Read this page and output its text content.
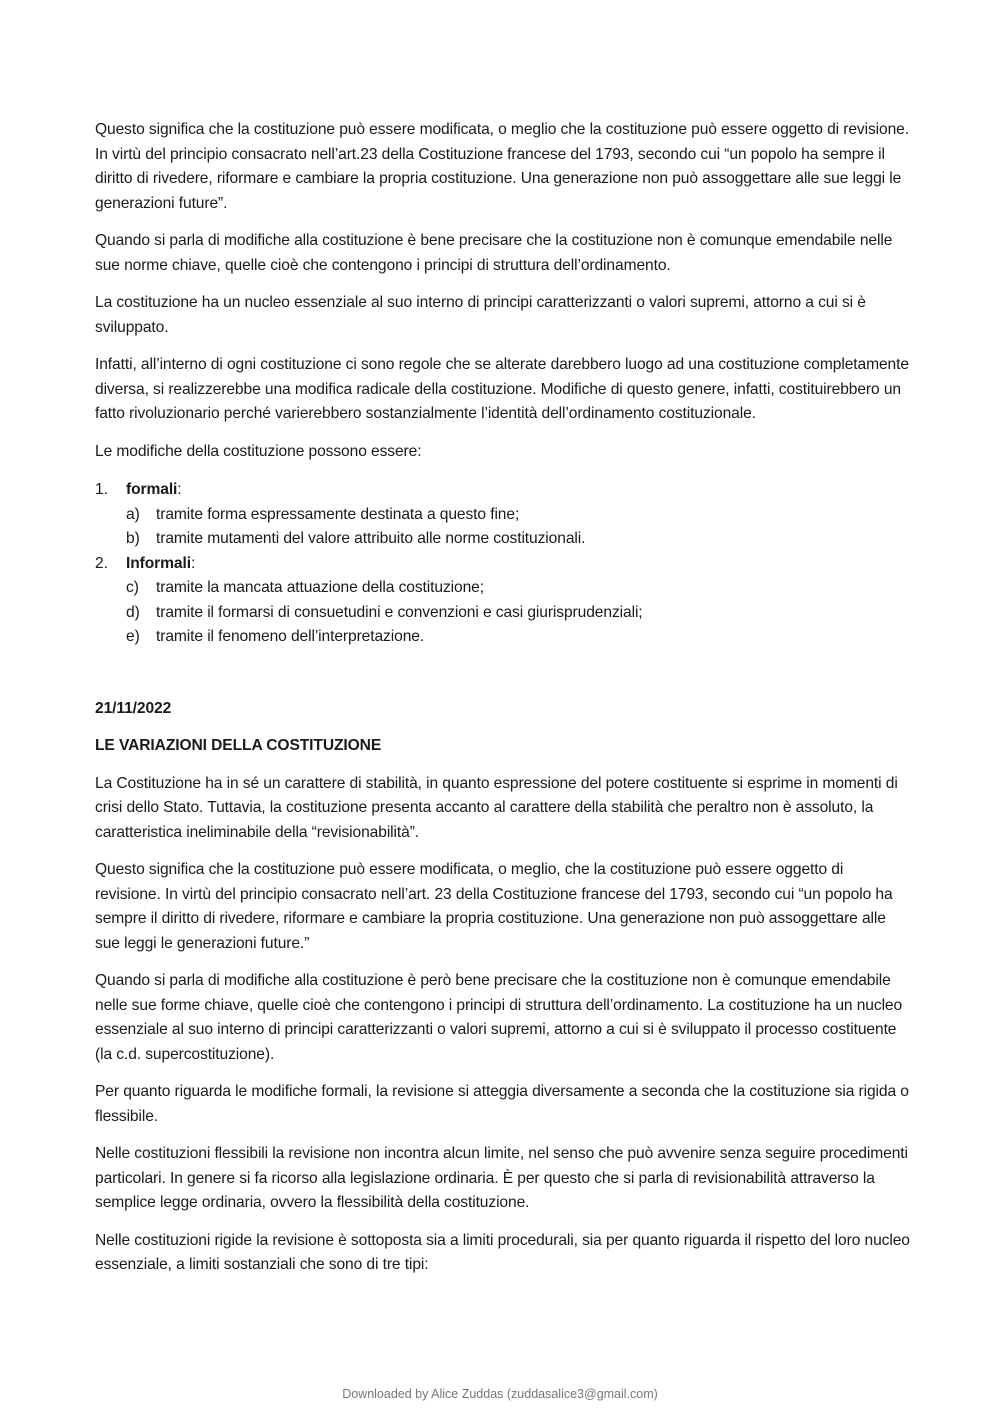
Questo significa che la costituzione può essere modificata, o meglio che la costituzione può essere oggetto di revisione. In virtù del principio consacrato nell’art.23 della Costituzione francese del 1793, secondo cui “un popolo ha sempre il diritto di rivedere, riformare e cambiare la propria costituzione. Una generazione non può assoggettare alle sue leggi le generazioni future”.

Quando si parla di modifiche alla costituzione è bene precisare che la costituzione non è comunque emendabile nelle sue norme chiave, quelle cioè che contengono i principi di struttura dell’ordinamento.

La costituzione ha un nucleo essenziale al suo interno di principi caratterizzanti o valori supremi, attorno a cui si è sviluppato.

Infatti, all’interno di ogni costituzione ci sono regole che se alterate darebbero luogo ad una costituzione completamente diversa, si realizzerebbe una modifica radicale della costituzione. Modifiche di questo genere, infatti, costituirebbero un fatto rivoluzionario perché varierebbero sostanzialmente l’identità dell’ordinamento costituzionale.

Le modifiche della costituzione possono essere:

1.	formali:
a)	tramite forma espressamente destinata a questo fine;
b)	tramite mutamenti del valore attribuito alle norme costituzionali.
2.	Informali:
c)	tramite la mancata attuazione della costituzione;
d)	tramite il formarsi di consuetudini e convenzioni e casi giurisprudenziali;
e)	tramite il fenomeno dell’interpretazione.

21/11/2022

LE VARIAZIONI DELLA COSTITUZIONE

La Costituzione ha in sé un carattere di stabilità, in quanto espressione del potere costituente si esprime in momenti di crisi dello Stato. Tuttavia, la costituzione presenta accanto al carattere della stabilità che peraltro non è assoluto, la caratteristica ineliminabile della “revisionabilità”.

Questo significa che la costituzione può essere modificata, o meglio, che la costituzione può essere oggetto di revisione. In virtù del principio consacrato nell’art. 23 della Costituzione francese del 1793, secondo cui “un popolo ha sempre il diritto di rivedere, riformare e cambiare la propria costituzione. Una generazione non può assoggettare alle sue leggi le generazioni future.”

Quando si parla di modifiche alla costituzione è però bene precisare che la costituzione non è comunque emendabile nelle sue forme chiave, quelle cioè che contengono i principi di struttura dell’ordinamento. La costituzione ha un nucleo essenziale al suo interno di principi caratterizzanti o valori supremi, attorno a cui si è sviluppato il processo costituente (la c.d. supercostituzione).

Per quanto riguarda le modifiche formali, la revisione si atteggia diversamente a seconda che la costituzione sia rigida o flessibile.

Nelle costituzioni flessibili la revisione non incontra alcun limite, nel senso che può avvenire senza seguire procedimenti particolari. In genere si fa ricorso alla legislazione ordinaria. È per questo che si parla di revisionabilità attraverso la semplice legge ordinaria, ovvero la flessibilità della costituzione.

Nelle costituzioni rigide la revisione è sottoposta sia a limiti procedurali, sia per quanto riguarda il rispetto del loro nucleo essenziale, a limiti sostanziali che sono di tre tipi:

Downloaded by Alice Zuddas (zuddasalice3@gmail.com)
